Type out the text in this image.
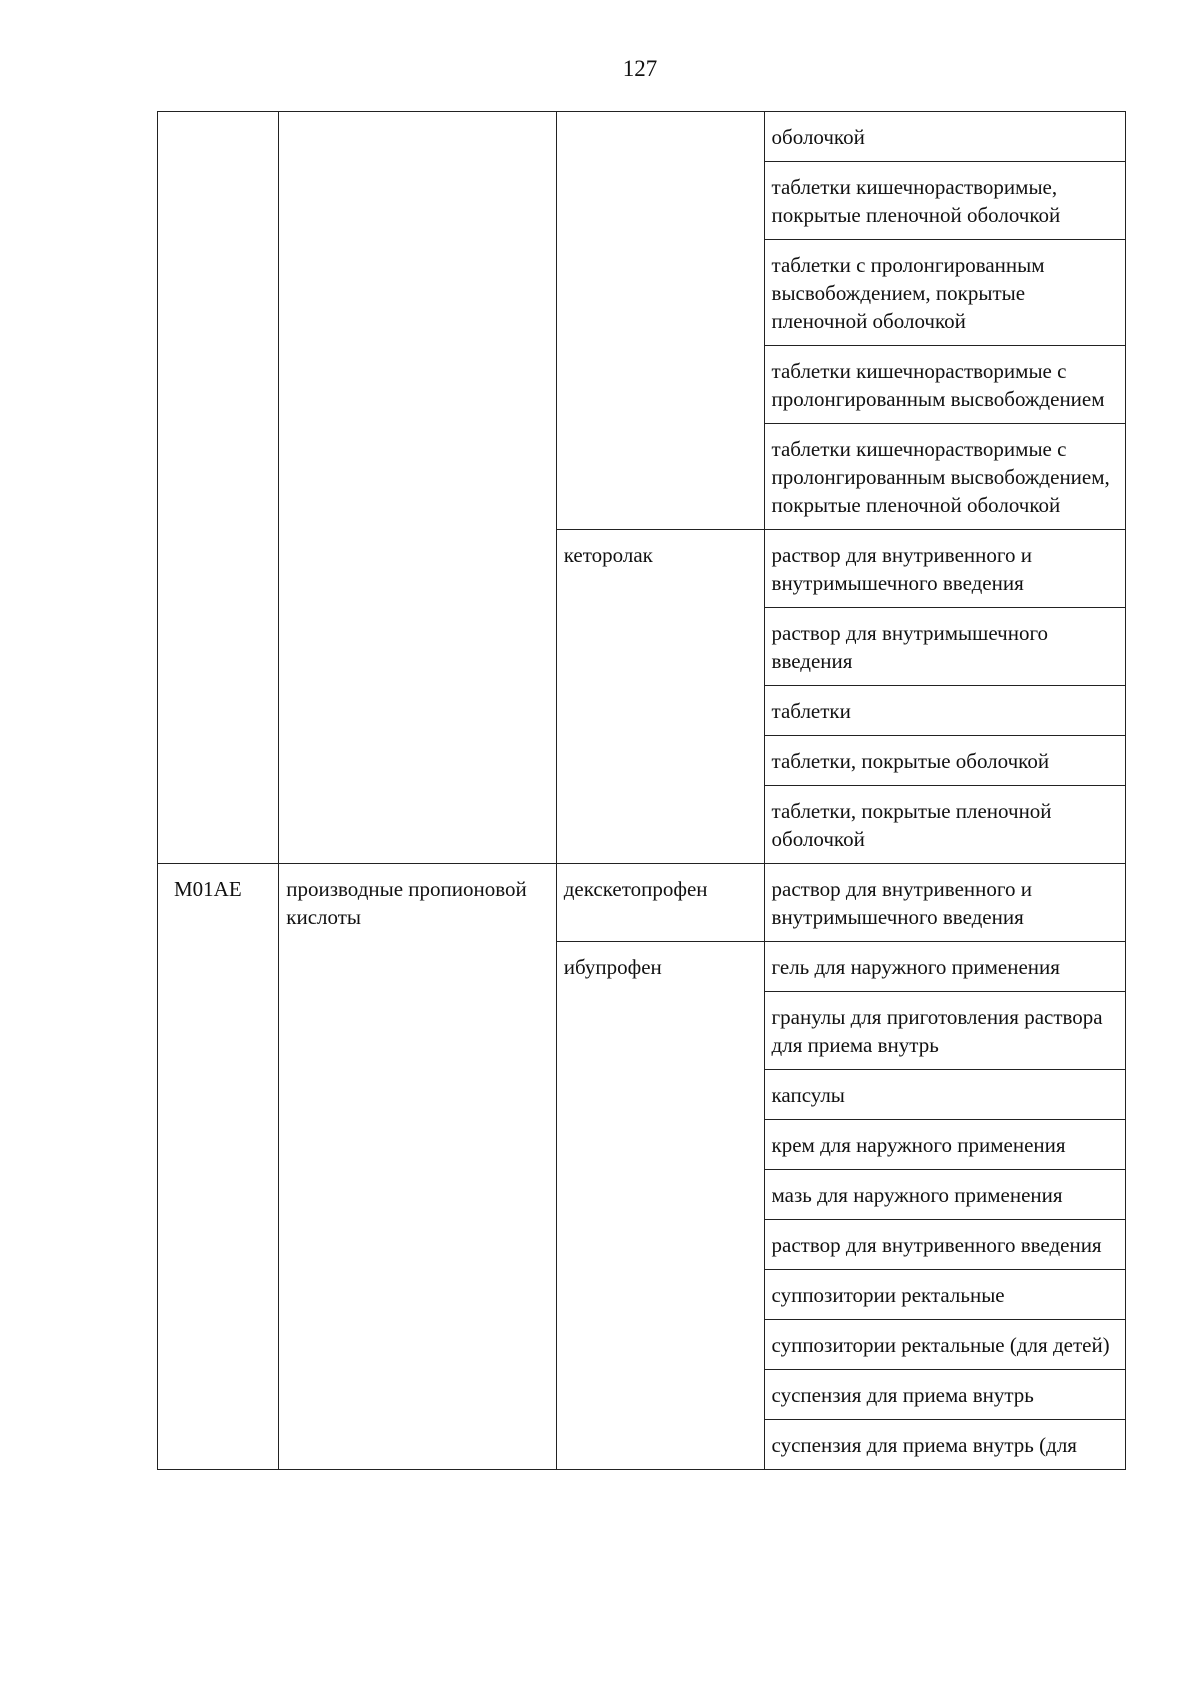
127
			оболочкой
			таблетки кишечнорастворимые, покрытые пленочной оболочкой
			таблетки с пролонгированным высвобождением, покрытые пленочной оболочкой
			таблетки кишечнорастворимые с пролонгированным высвобождением
			таблетки кишечнорастворимые с пролонгированным высвобождением, покрытые пленочной оболочкой
		кеторолак	раствор для внутривенного и внутримышечного введения
			раствор для внутримышечного введения
			таблетки
			таблетки, покрытые оболочкой
			таблетки, покрытые пленочной оболочкой
M01AE	производные пропионовой кислоты	декскетопрофен	раствор для внутривенного и внутримышечного введения
		ибупрофен	гель для наружного применения
			гранулы для приготовления раствора для приема внутрь
			капсулы
			крем для наружного применения
			мазь для наружного применения
			раствор для внутривенного введения
			суппозитории ректальные
			суппозитории ректальные (для детей)
			суспензия для приема внутрь
			суспензия для приема внутрь (для
